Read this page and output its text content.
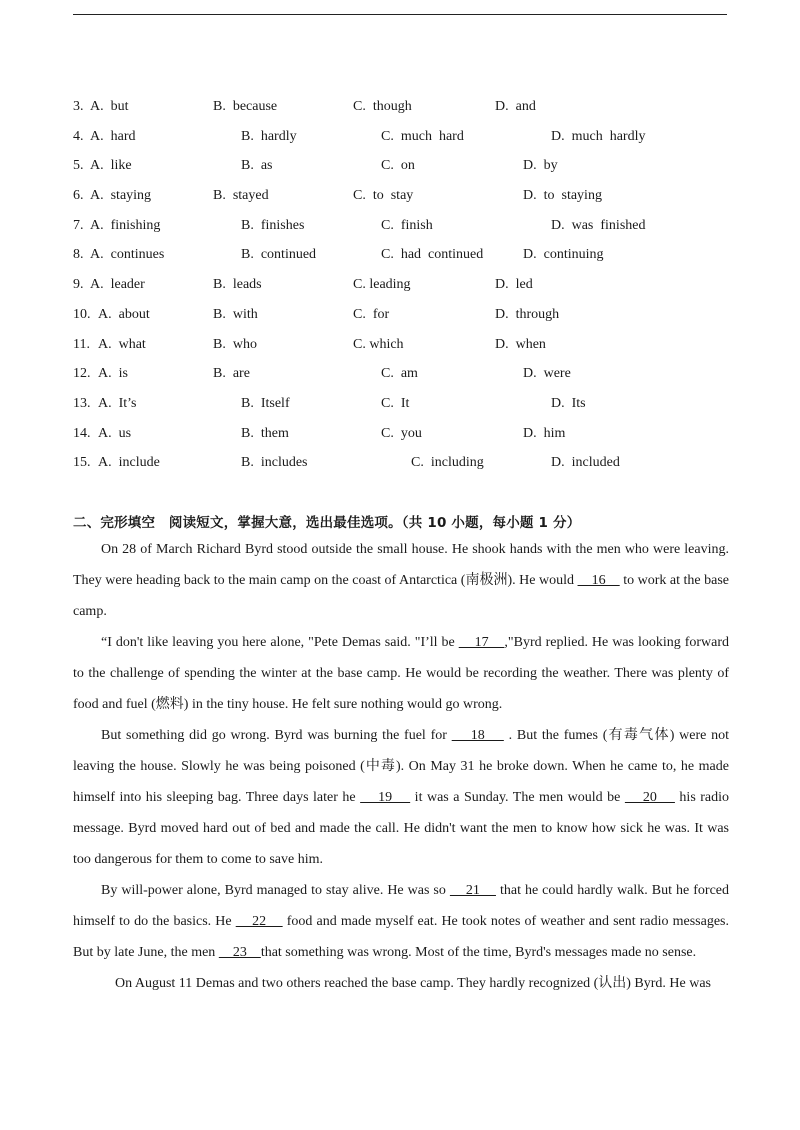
3. A.  but	B.  because	C.  though	D.  and
4. A.  hard	B.  hardly	C.  much  hard	D.  much  hardly
5. A.  like	B.  as	C.  on	D.  by
6. A.  staying	B.  stayed	C.  to  stay	D.  to  staying
7. A.  finishing	B.  finishes	C.  finish	D.  was  finished
8. A.  continues	B.  continued	C.  had  continued	D.  continuing
9. A.  leader	B.  leads	C. leading	D.  led
10. A.  about	B.  with	C.  for	D.  through
11. A.  what	B.  who	C. which	D.  when
12. A.  is	B.  are	C.  am	D.  were
13. A.  It’s	B.  Itself	C.  It	D.  Its
14. A.  us	B.  them	C.  you	D.  him
15. A.  include	B.  includes	C.  including	D.  included
二、完形填空　阅读短文，掌握大意，选出最佳选项。（共 10 小题，每小题 1 分）

On 28 of March Richard Byrd stood outside the small house. He shook hands with the men who were leaving. They were heading back to the main camp on the coast of Antarctica (南极洲). He would     16     to work at the base camp.

“I don't like leaving you here alone, "Pete Demas said. "I’ll be     17    ,"Byrd replied. He was looking forward to the challenge of spending the winter at the base camp. He would be recording the weather. There was plenty of food and fuel (燃料) in the tiny house. He felt sure nothing would go wrong.

But something did go wrong. Byrd was burning the fuel for     18     . But the fumes (有毒气体) were not leaving the house. Slowly he was being poisoned (中毒). On May 31 he broke down. When he came to, he made himself into his sleeping bag. Three days later he     19     it was a Sunday. The men would be     20     his radio message. Byrd moved hard out of bed and made the call. He didn't want the men to know how sick he was. It was too dangerous for them to come to save him.

By will-power alone, Byrd managed to stay alive. He was so     21     that he could hardly walk. But he forced himself to do the basics. He     22     food and made myself eat. He took notes of weather and sent radio messages. But by late June, the men     23    that something was wrong. Most of the time, Byrd's messages made no sense.

On August 11 Demas and two others reached the base camp. They hardly recognized (认出) Byrd. He was
